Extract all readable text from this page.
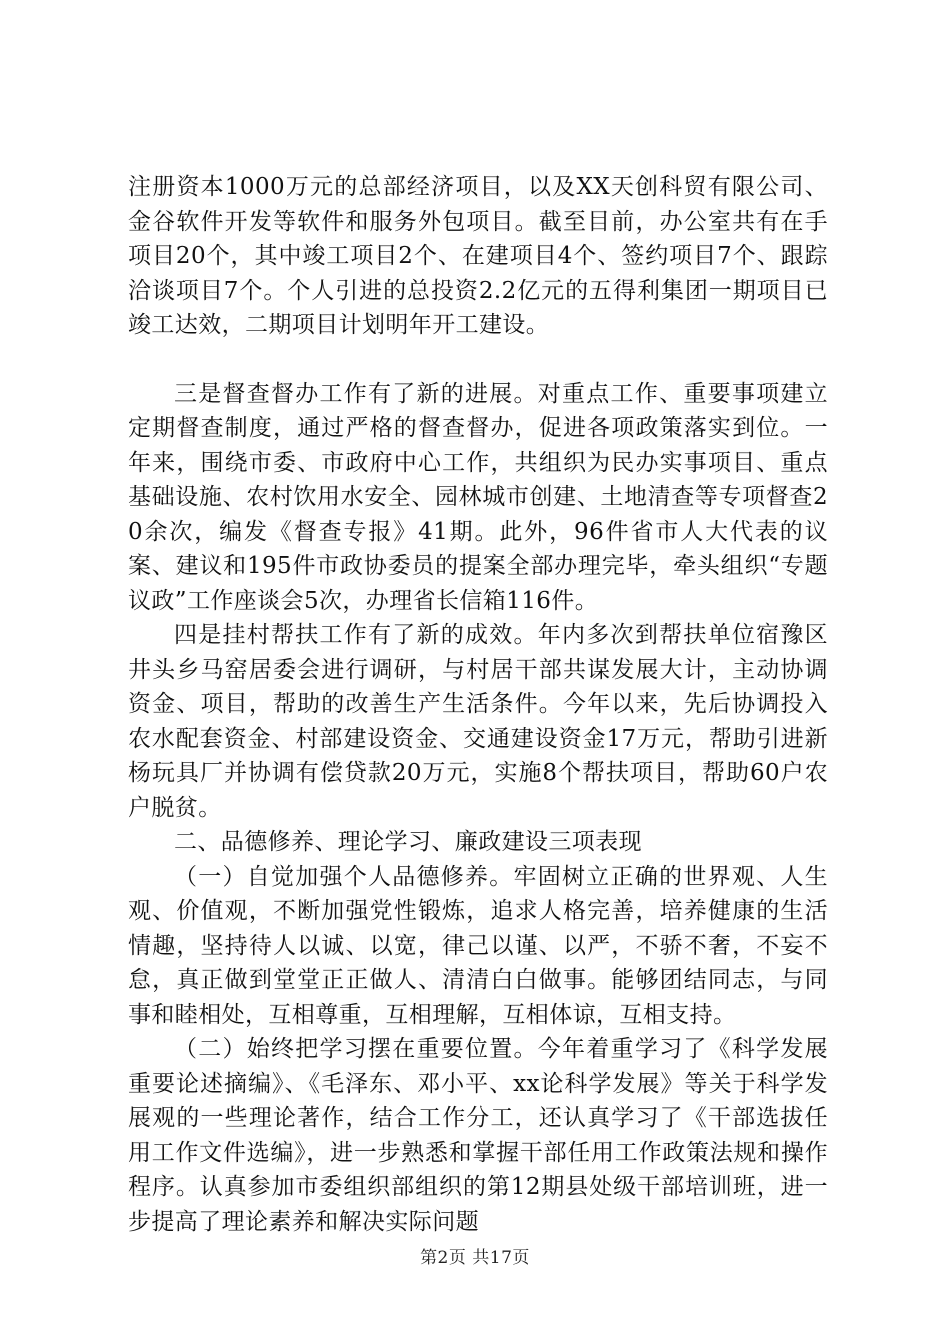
注册资本1000万元的总部经济项目，以及XX天创科贸有限公司、金谷软件开发等软件和服务外包项目。截至目前，办公室共有在手项目20个，其中竣工项目2个、在建项目4个、签约项目7个、跟踪洽谈项目7个。个人引进的总投资2.2亿元的五得利集团一期项目已竣工达效，二期项目计划明年开工建设。

三是督查督办工作有了新的进展。对重点工作、重要事项建立定期督查制度，通过严格的督查督办，促进各项政策落实到位。一年来，围绕市委、市政府中心工作，共组织为民办实事项目、重点基础设施、农村饮用水安全、园林城市创建、土地清查等专项督查20余次，编发《督查专报》41期。此外，96件省市人大代表的议案、建议和195件市政协委员的提案全部办理完毕，牵头组织“专题议政”工作座谈会5次，办理省长信箱116件。

四是挂村帮扶工作有了新的成效。年内多次到帮扶单位宿豫区井头乡马窑居委会进行调研，与村居干部共谋发展大计，主动协调资金、项目，帮助的改善生产生活条件。今年以来，先后协调投入农水配套资金、村部建设资金、交通建设资金17万元，帮助引进新杨玩具厂并协调有偿贷款20万元，实施8个帮扶项目，帮助60户农户脱贫。

二、品德修养、理论学习、廉政建设三项表现

（一）自觉加强个人品德修养。牢固树立正确的世界观、人生观、价值观，不断加强党性锻炼，追求人格完善，培养健康的生活情趣，坚持待人以诚、以宽，律己以谨、以严，不骄不奢，不妄不怠，真正做到堂堂正正做人、清清白白做事。能够团结同志，与同事和睦相处，互相尊重，互相理解，互相体谅，互相支持。

（二）始终把学习摆在重要位置。今年着重学习了《科学发展重要论述摘编》、《毛泽东、邓小平、xx论科学发展》等关于科学发展观的一些理论著作，结合工作分工，还认真学习了《干部选拔任用工作文件选编》，进一步熟悉和掌握干部任用工作政策法规和操作程序。认真参加市委组织部组织的第12期县处级干部培训班，进一步提高了理论素养和解决实际问题

第2页 共17页
